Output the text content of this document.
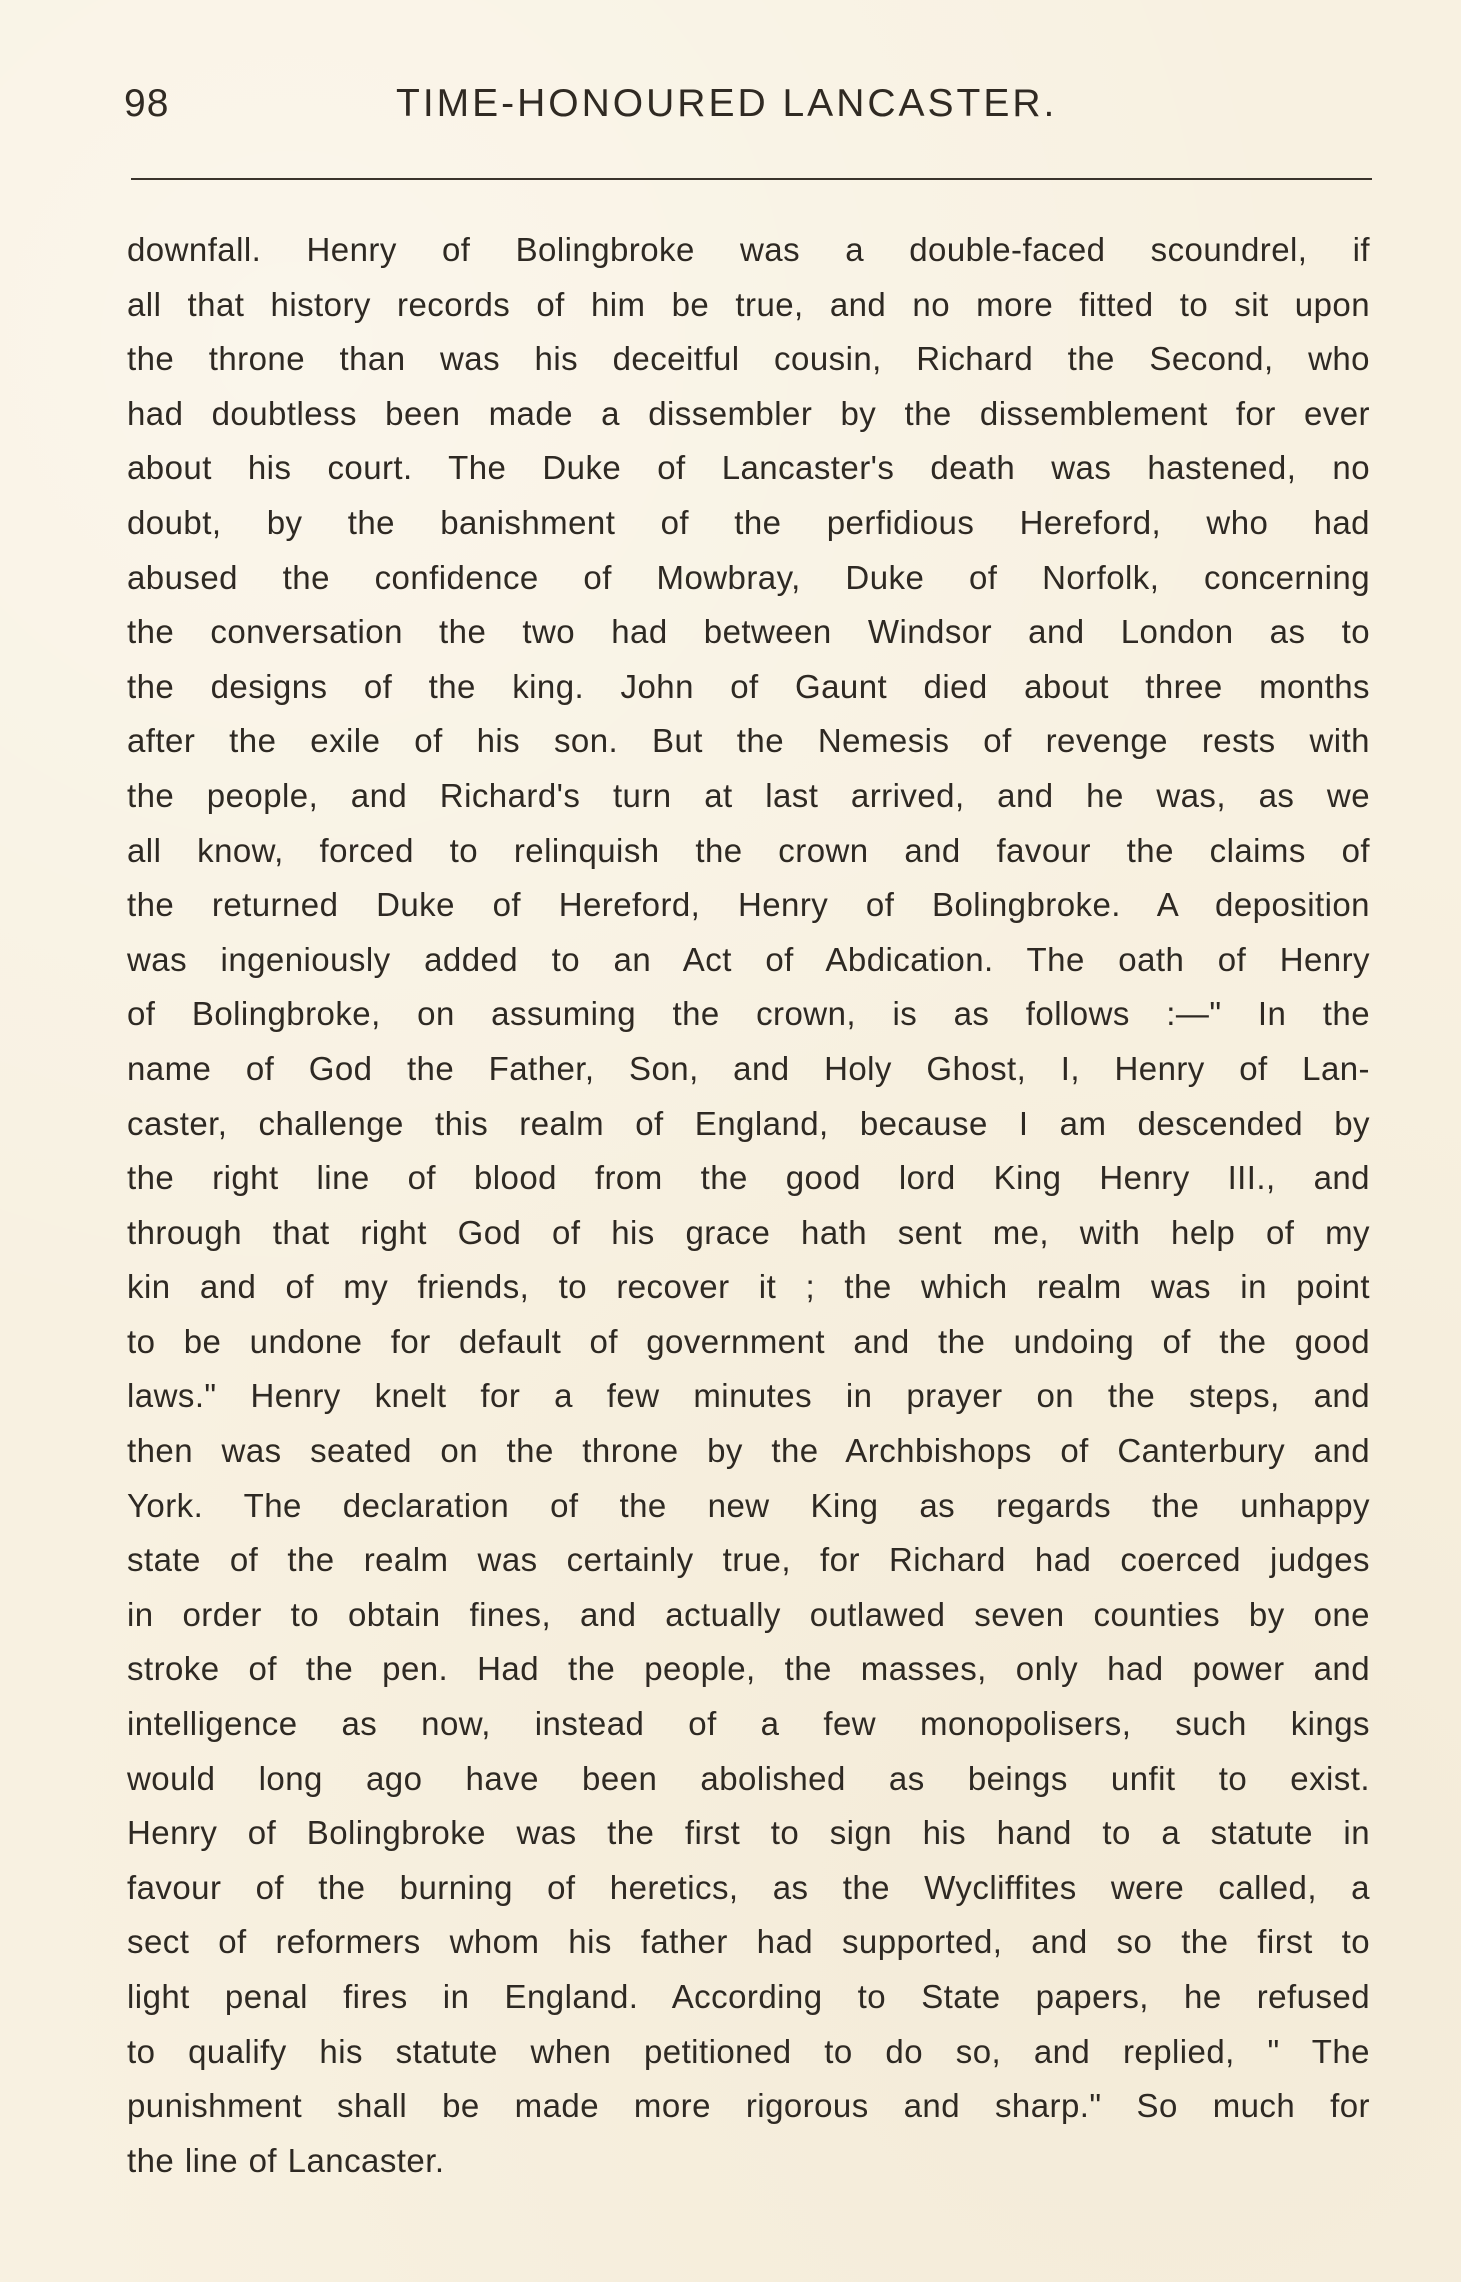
98	TIME-HONOURED LANCASTER.
downfall. Henry of Bolingbroke was a double-faced scoundrel, if
all that history records of him be true, and no more fitted to sit upon
the throne than was his deceitful cousin, Richard the Second, who
had doubtless been made a dissembler by the dissemblement for ever
about his court. The Duke of Lancaster's death was hastened, no
doubt, by the banishment of the perfidious Hereford, who had
abused the confidence of Mowbray, Duke of Norfolk, concerning
the conversation the two had between Windsor and London as to
the designs of the king. John of Gaunt died about three months
after the exile of his son. But the Nemesis of revenge rests with
the people, and Richard's turn at last arrived, and he was, as we
all know, forced to relinquish the crown and favour the claims of
the returned Duke of Hereford, Henry of Bolingbroke. A deposition
was ingeniously added to an Act of Abdication. The oath of Henry
of Bolingbroke, on assuming the crown, is as follows :—" In the
name of God the Father, Son, and Holy Ghost, I, Henry of Lan-
caster, challenge this realm of England, because I am descended by
the right line of blood from the good lord King Henry III., and
through that right God of his grace hath sent me, with help of my
kin and of my friends, to recover it ; the which realm was in point
to be undone for default of government and the undoing of the good
laws." Henry knelt for a few minutes in prayer on the steps, and
then was seated on the throne by the Archbishops of Canterbury and
York. The declaration of the new King as regards the unhappy
state of the realm was certainly true, for Richard had coerced judges
in order to obtain fines, and actually outlawed seven counties by one
stroke of the pen. Had the people, the masses, only had power and
intelligence as now, instead of a few monopolisers, such kings
would long ago have been abolished as beings unfit to exist.
Henry of Bolingbroke was the first to sign his hand to a statute in
favour of the burning of heretics, as the Wycliffites were called, a
sect of reformers whom his father had supported, and so the first to
light penal fires in England. According to State papers, he refused
to qualify his statute when petitioned to do so, and replied, " The
punishment shall be made more rigorous and sharp." So much for
the line of Lancaster.
